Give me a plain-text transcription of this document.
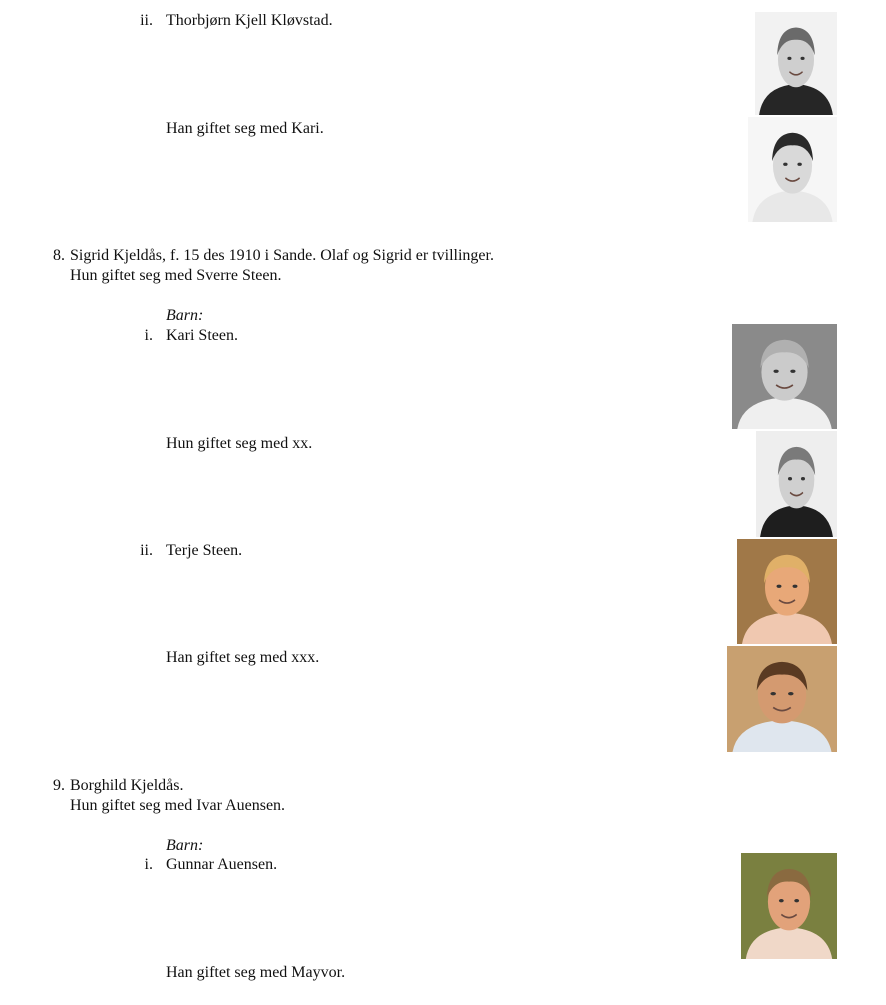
ii. Thorbjørn Kjell Kløvstad.
Han giftet seg med Kari.
8. Sigrid Kjeldås, f. 15 des 1910 i Sande. Olaf og Sigrid er tvillinger.
Hun giftet seg med Sverre Steen.
Barn:
i. Kari Steen.
Hun giftet seg med xx.
ii. Terje Steen.
Han giftet seg med xxx.
9. Borghild Kjeldås.
Hun giftet seg med Ivar Auensen.
Barn:
i. Gunnar Auensen.
Han giftet seg med Mayvor.
